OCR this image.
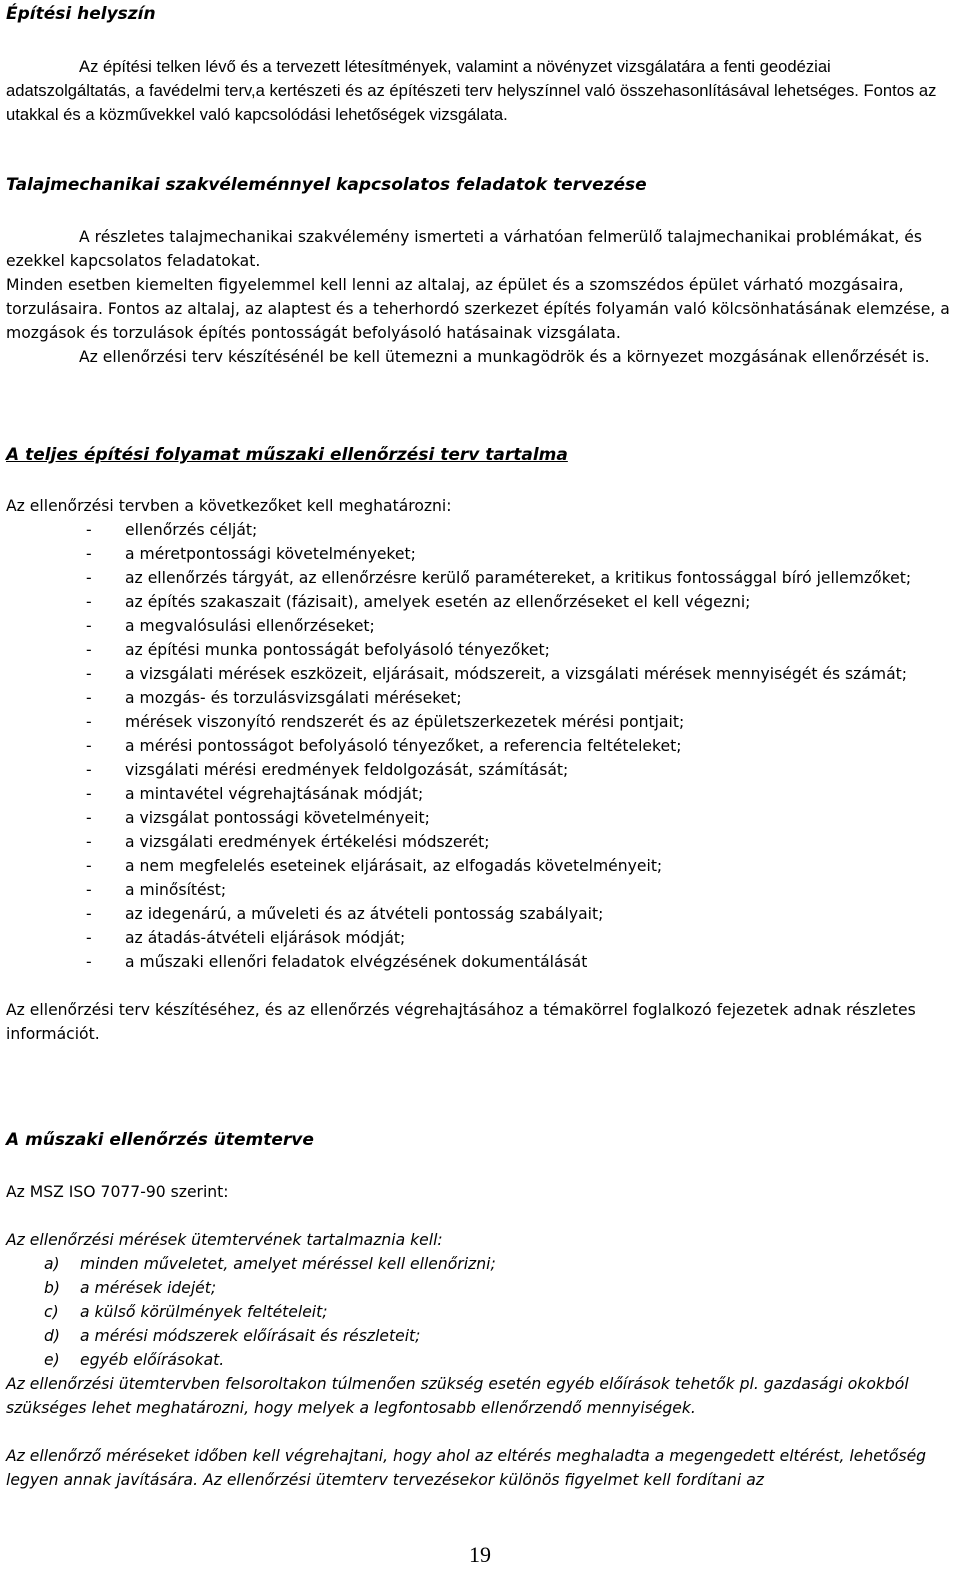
Építési helyszín

Az építési telken lévő és a tervezett létesítmények, valamint a növényzet vizsgálatára a fenti geodéziai adatszolgáltatás, a favédelmi terv,a kertészeti és az építészeti terv helyszínnel való összehasonlításával lehetséges. Fontos az utakkal és a közművekkel való kapcsolódási lehetőségek vizsgálata.

Talajmechanikai szakvéleménnyel kapcsolatos feladatok tervezése

A részletes talajmechanikai szakvélemény ismerteti a várhatóan felmerülő talajmechanikai problémákat, és ezekkel kapcsolatos feladatokat.

Minden esetben kiemelten figyelemmel kell lenni az altalaj, az épület és a szomszédos épület várható mozgásaira, torzulásaira. Fontos az altalaj, az alaptest és a teherhordó szerkezet építés folyamán való kölcsönhatásának elemzése, a mozgások és torzulások építés pontosságát befolyásoló hatásainak vizsgálata.

Az ellenőrzési terv készítésénél be kell ütemezni a munkagödrök és a környezet mozgásának ellenőrzését is.

A teljes építési folyamat műszaki ellenőrzési terv tartalma

Az ellenőrzési tervben a következőket kell meghatározni:

- ellenőrzés célját;
- a méretpontossági követelményeket;
- az ellenőrzés tárgyát, az ellenőrzésre kerülő paramétereket, a kritikus fontossággal bíró jellemzőket;
- az építés szakaszait (fázisait), amelyek esetén az ellenőrzéseket el kell végezni;
- a megvalósulási ellenőrzéseket;
- az építési munka pontosságát befolyásoló tényezőket;
- a vizsgálati mérések eszközeit, eljárásait, módszereit, a vizsgálati mérések mennyiségét és számát;
- a mozgás- és torzulásvizsgálati méréseket;
- mérések viszonyító rendszerét és az épületszerkezetek mérési pontjait;
- a mérési pontosságot befolyásoló tényezőket, a referencia feltételeket;
- vizsgálati mérési eredmények feldolgozását, számítását;
- a mintavétel végrehajtásának módját;
- a vizsgálat pontossági követelményeit;
- a vizsgálati eredmények értékelési módszerét;
- a nem megfelelés eseteinek eljárásait, az elfogadás követelményeit;
- a minősítést;
- az idegenárú, a műveleti és az átvételi pontosság szabályait;
- az átadás-átvételi eljárások módját;
- a műszaki ellenőri feladatok elvégzésének dokumentálását

Az ellenőrzési terv készítéséhez, és az ellenőrzés végrehajtásához a témakörrel foglalkozó fejezetek adnak részletes információt.

A műszaki ellenőrzés ütemterve

Az MSZ ISO 7077-90 szerint:

Az ellenőrzési mérések ütemtervének tartalmaznia kell:

a) minden műveletet, amelyet méréssel kell ellenőrizni;
b) a mérések idejét;
c) a külső körülmények feltételeit;
d) a mérési módszerek előírásait és részleteit;
e) egyéb előírásokat.

Az ellenőrzési ütemtervben felsoroltakon túlmenően szükség esetén egyéb előírások tehetők pl. gazdasági okokból szükséges lehet meghatározni, hogy melyek a legfontosabb ellenőrzendő mennyiségek.

Az ellenőrző méréseket időben kell végrehajtani, hogy ahol az eltérés meghaladta a megengedett eltérést, lehetőség legyen annak javítására. Az ellenőrzési ütemterv tervezésekor különös figyelmet kell fordítani az

19
